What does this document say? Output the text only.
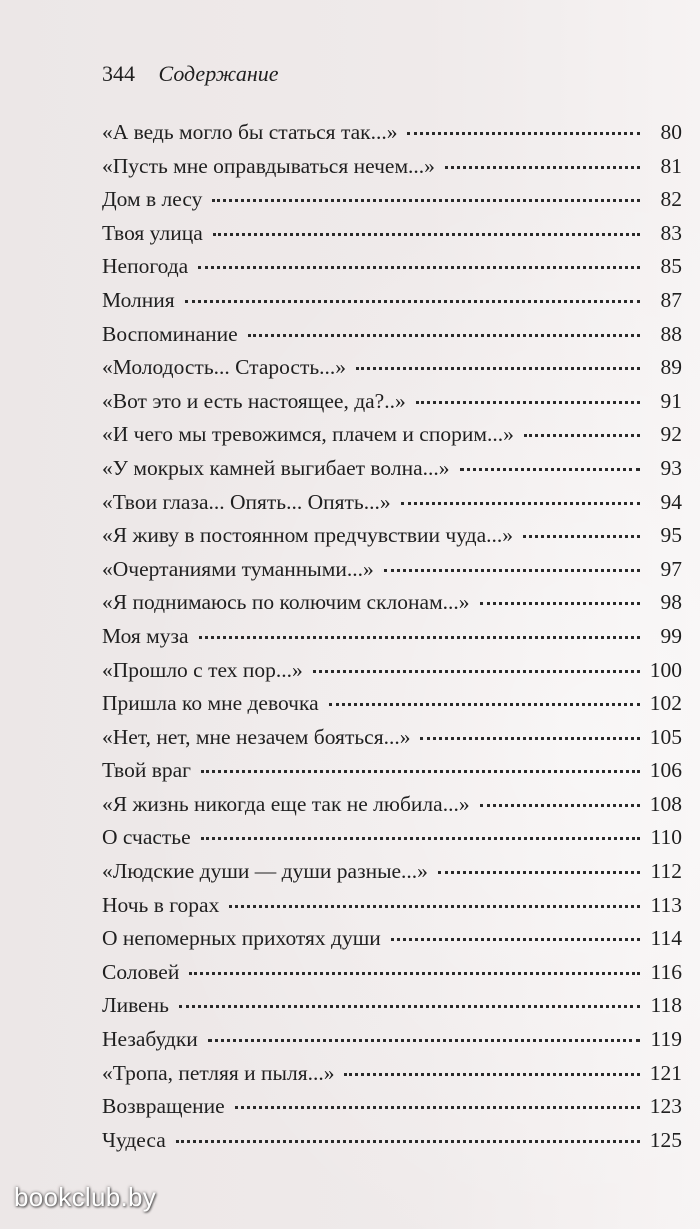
344 Содержание
«А ведь могло бы статься так...»	80
«Пусть мне оправдываться нечем...»	81
Дом в лесу	82
Твоя улица	83
Непогода	85
Молния	87
Воспоминание	88
«Молодость... Старость...»	89
«Вот это и есть настоящее, да?..»	91
«И чего мы тревожимся, плачем и спорим...»	92
«У мокрых камней выгибает волна...»	93
«Твои глаза... Опять... Опять...»	94
«Я живу в постоянном предчувствии чуда...»	95
«Очертаниями туманными...»	97
«Я поднимаюсь по колючим склонам...»	98
Моя муза	99
«Прошло с тех пор...»	100
Пришла ко мне девочка	102
«Нет, нет, мне незачем бояться...»	105
Твой враг	106
«Я жизнь никогда еще так не любила...»	108
О счастье	110
«Людские души — души разные...»	112
Ночь в горах	113
О непомерных прихотях души	114
Соловей	116
Ливень	118
Незабудки	119
«Тропа, петляя и пыля...»	121
Возвращение	123
Чудеса	125
bookclub.by
